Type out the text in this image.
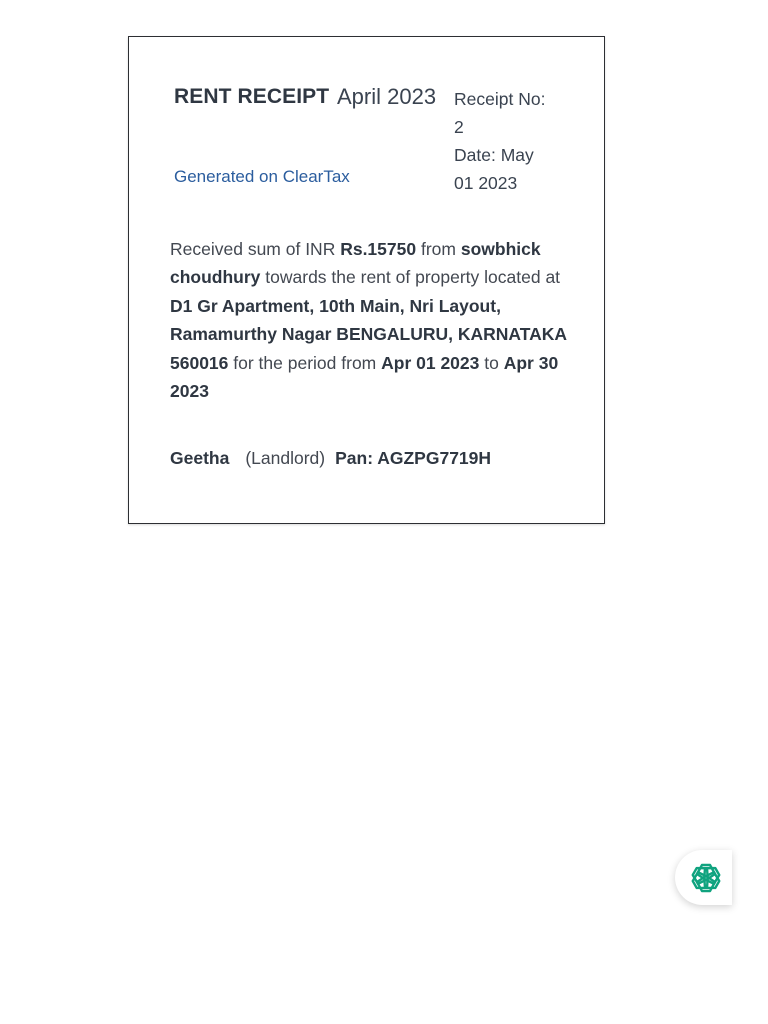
RENT RECEIPT April 2023
Generated on ClearTax
Receipt No:
2
Date: May
01 2023
Received sum of INR Rs.15750 from sowbhick choudhury towards the rent of property located at D1 Gr Apartment, 10th Main, Nri Layout, Ramamurthy Nagar BENGALURU, KARNATAKA 560016 for the period from Apr 01 2023 to Apr 30 2023
Geetha (Landlord) Pan: AGZPG7719H
